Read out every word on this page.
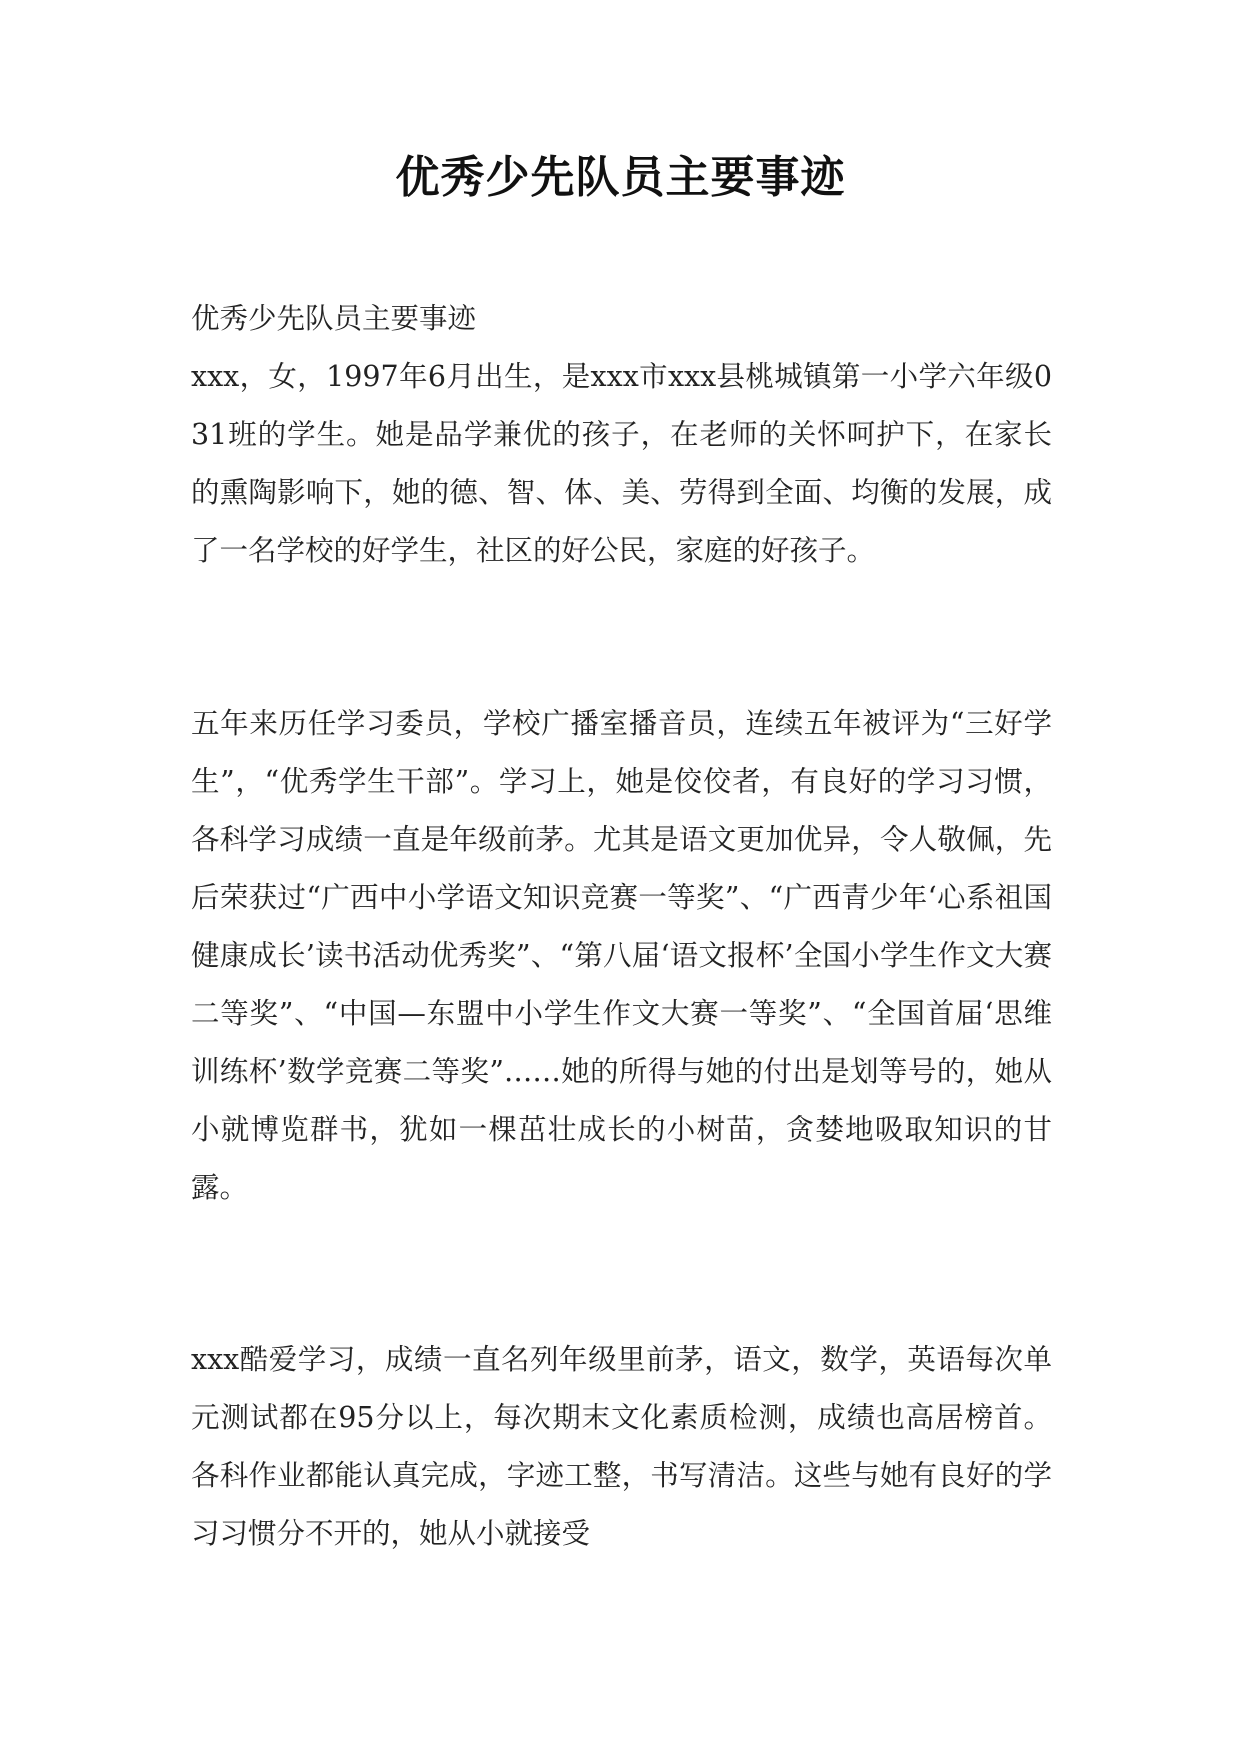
优秀少先队员主要事迹
优秀少先队员主要事迹

xxx，女，1997年6月出生，是xxx市xxx县桃城镇第一小学六年级031班的学生。她是品学兼优的孩子，在老师的关怀呵护下，在家长的熏陶影响下，她的德、智、体、美、劳得到全面、均衡的发展，成了一名学校的好学生，社区的好公民，家庭的好孩子。

五年来历任学习委员，学校广播室播音员，连续五年被评为“三好学生”，“优秀学生干部”。学习上，她是佼佼者，有良好的学习习惯，各科学习成绩一直是年级前茅。尤其是语文更加优异，令人敬佩，先后荣获过“广西中小学语文知识竞赛一等奖”、“广西青少年‘心系祖国 健康成长’读书活动优秀奖”、“第八届‘语文报杯’全国小学生作文大赛二等奖”、“中国—东盟中小学生作文大赛一等奖”、“全国首届‘思维训练杯’数学竞赛二等奖”……她的所得与她的付出是划等号的，她从小就博览群书，犹如一棵茁壮成长的小树苗，贪婪地吸取知识的甘露。

xxx酷爱学习，成绩一直名列年级里前茅，语文，数学，英语每次单元测试都在95分以上，每次期末文化素质检测，成绩也高居榜首。各科作业都能认真完成，字迹工整，书写清洁。这些与她有良好的学习习惯分不开的，她从小就接受
